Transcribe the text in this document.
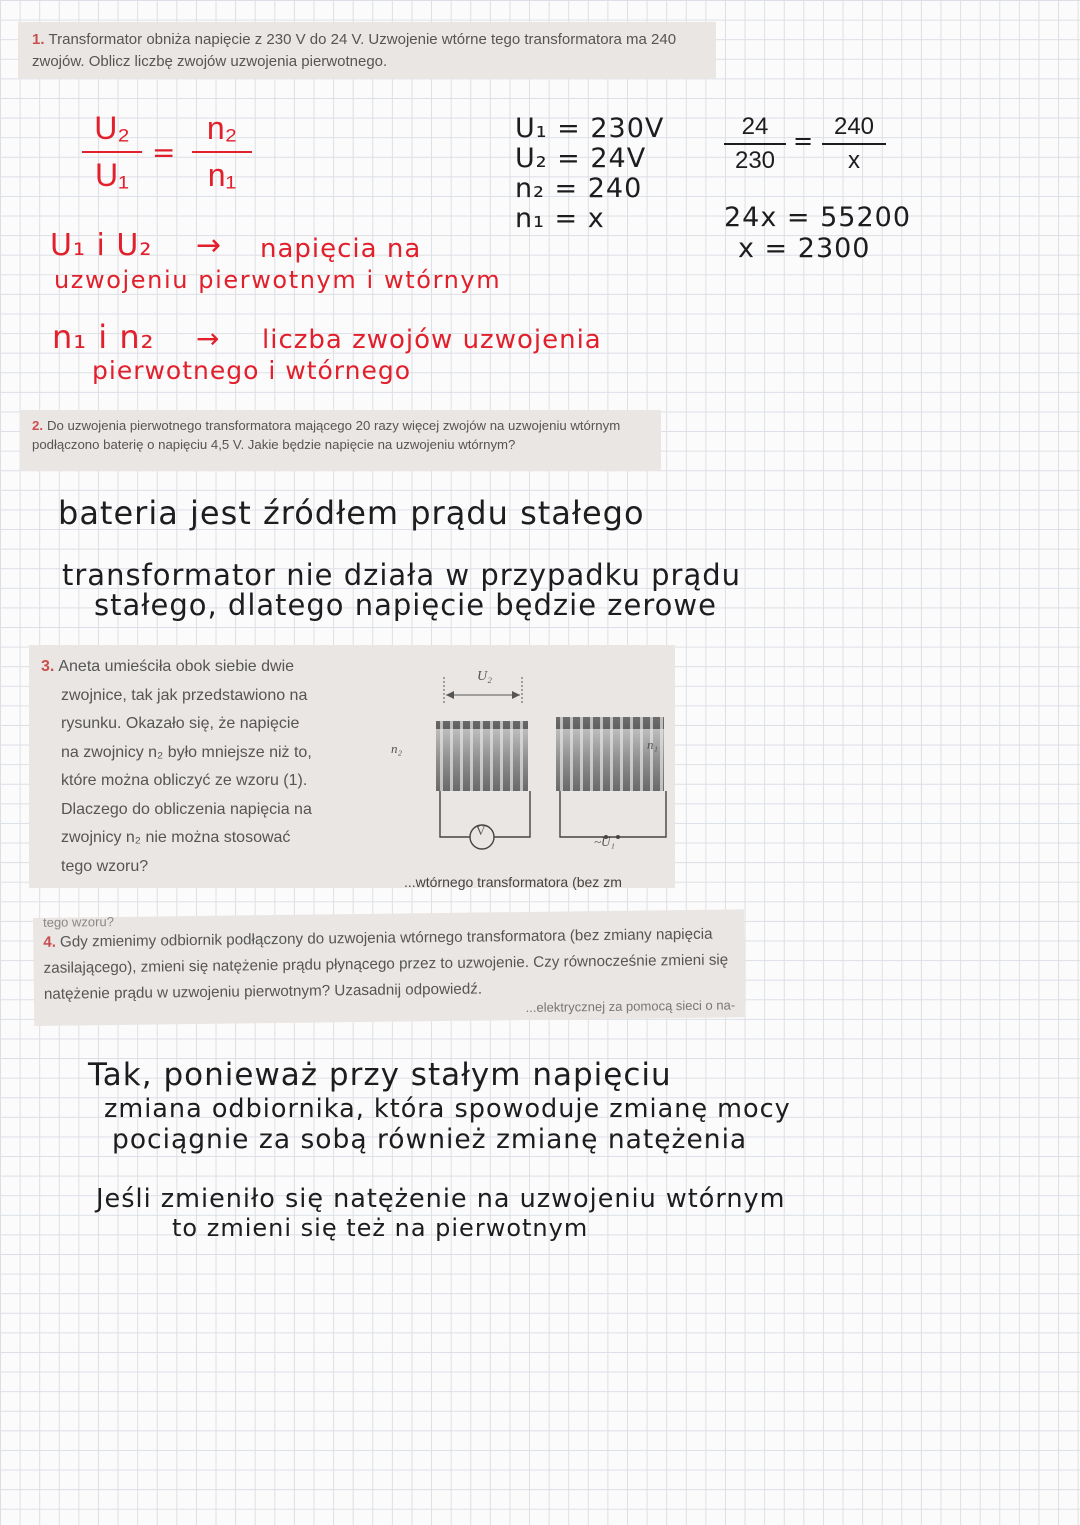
1. Transformator obniża napięcie z 230 V do 24 V. Uzwojenie wtórne tego transformatora ma 240 zwojów. Oblicz liczbę zwojów uzwojenia pierwotnego.
U₂
U₁
=
n₂
n₁
U₁ = 230V
U₂ = 24V
n₂ = 240
n₁ = x
24
230
=
240
x
24x = 55200
x = 2300
U₁ i U₂ → napięcia na
uzwojeniu pierwotnym i wtórnym
n₁ i n₂ → liczba zwojów uzwojenia
pierwotnego i wtórnego
2. Do uzwojenia pierwotnego transformatora mającego 20 razy więcej zwojów na uzwojeniu wtórnym podłączono baterię o napięciu 4,5 V. Jakie będzie napięcie na uzwojeniu wtórnym?
bateria jest źródłem prądu stałego
transformator nie działa w przypadku prądu
stałego, dlatego napięcie będzie zerowe
3. Aneta umieściła obok siebie dwie
zwojnice, tak jak przedstawiono na
rysunku. Okazało się, że napięcie
na zwojnicy n₂ było mniejsze niż to,
które można obliczyć ze wzoru (1).
Dlaczego do obliczenia napięcia na
zwojnicy n₂ nie można stosować
tego wzoru?
U₂
n₂	n₁
V
~U₁
...wtórnego transformatora (bez zm
tego wzoru?
4. Gdy zmienimy odbiornik podłączony do uzwojenia wtórnego transformatora (bez zmiany napięcia zasilającego), zmieni się natężenie prądu płynącego przez to uzwojenie. Czy równocześnie zmieni się natężenie prądu w uzwojeniu pierwotnym? Uzasadnij odpowiedź.
...elektrycznej za pomocą sieci o na-
Tak, ponieważ przy stałym napięciu
zmiana odbiornika, która spowoduje zmianę mocy
pociągnie za sobą również zmianę natężenia
Jeśli zmieniło się natężenie na uzwojeniu wtórnym
to zmieni się też na pierwotnym
